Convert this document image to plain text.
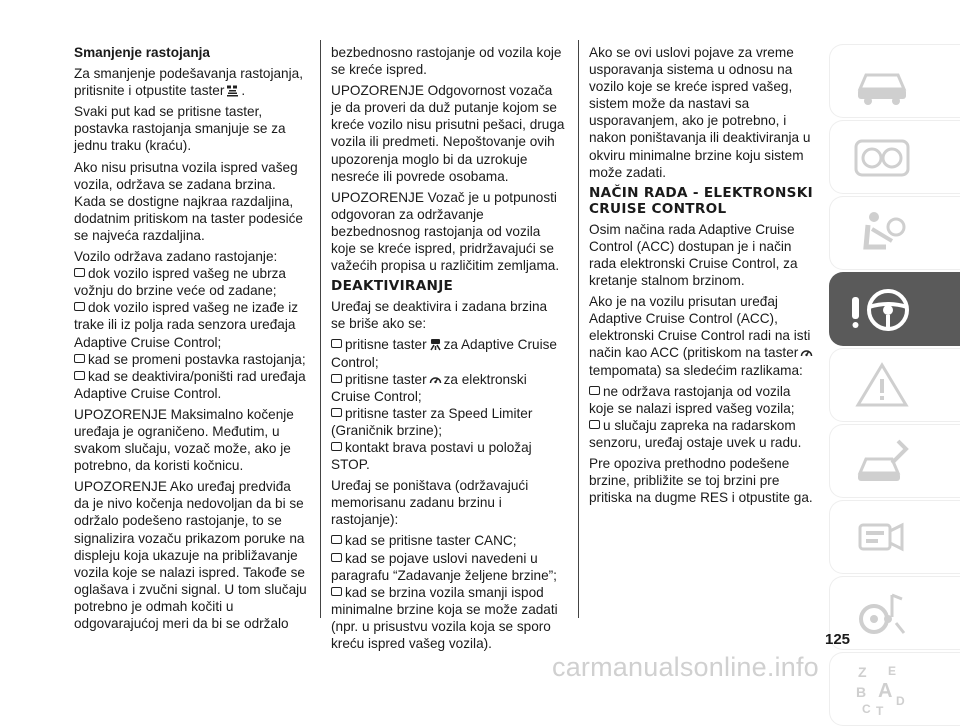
Smanjenje rastojanja

Za smanjenje podešavanja rastojanja, pritisnite i otpustite taster .

Svaki put kad se pritisne taster, postavka rastojanja smanjuje se za jednu traku (kraću).

Ako nisu prisutna vozila ispred vašeg vozila, održava se zadana brzina. Kada se dostigne najkraa razdaljina, dodatnim pritiskom na taster podesiće se najveća razdaljina.

Vozilo održava zadano rastojanje:

dok vozilo ispred vašeg ne ubrza vožnju do brzine veće od zadane;

dok vozilo ispred vašeg ne izađe iz trake ili iz polja rada senzora uređaja Adaptive Cruise Control;

kad se promeni postavka rastojanja;

kad se deaktivira/poništi rad uređaja Adaptive Cruise Control.

UPOZORENJE Maksimalno kočenje uređaja je ograničeno. Međutim, u svakom slučaju, vozač može, ako je potrebno, da koristi kočnicu.

UPOZORENJE Ako uređaj predviđa da je nivo kočenja nedovoljan da bi se održalo podešeno rastojanje, to se signalizira vozaču prikazom poruke na displeju koja ukazuje na približavanje vozila koje se nalazi ispred. Takođe se oglašava i zvučni signal. U tom slučaju potrebno je odmah kočiti u odgovarajućoj meri da bi se održalo

bezbednosno rastojanje od vozila koje se kreće ispred.

UPOZORENJE Odgovornost vozača je da proveri da duž putanje kojom se kreće vozilo nisu prisutni pešaci, druga vozila ili predmeti. Nepoštovanje ovih upozorenja moglo bi da uzrokuje nesreće ili povrede osobama.

UPOZORENJE Vozač je u potpunosti odgovoran za održavanje bezbednosnog rastojanja od vozila koje se kreće ispred, pridržavajući se važećih propisa u različitim zemljama.

DEAKTIVIRANJE

Uređaj se deaktivira i zadana brzina se briše ako se:

pritisne taster za Adaptive Cruise Control;

pritisne taster za elektronski Cruise Control;

pritisne taster za Speed Limiter (Graničnik brzine);

kontakt brava postavi u položaj STOP.

Uređaj se poništava (održavajući memorisanu zadanu brzinu i rastojanje):

kad se pritisne taster CANC;

kad se pojave uslovi navedeni u paragrafu “Zadavanje željene brzine”;

kad se brzina vozila smanji ispod minimalne brzine koja se može zadati (npr. u prisustvu vozila koja se sporo kreću ispred vašeg vozila).

Ako se ovi uslovi pojave za vreme usporavanja sistema u odnosu na vozilo koje se kreće ispred vašeg, sistem može da nastavi sa usporavanjem, ako je potrebno, i nakon poništavanja ili deaktiviranja u okviru minimalne brzine koju sistem može zadati.

NAČIN RADA - ELEKTRONSKI CRUISE CONTROL

Osim načina rada Adaptive Cruise Control (ACC) dostupan je i način rada elektronski Cruise Control, za kretanje stalnom brzinom.

Ako je na vozilu prisutan uređaj Adaptive Cruise Control (ACC), elektronski Cruise Control radi na isti način kao ACC (pritiskom na taster
tempomata) sa sledećim razlikama:

ne održava rastojanja od vozila koje se nalazi ispred vašeg vozila;

u slučaju zapreka na radarskom senzoru, uređaj ostaje uvek u radu.

Pre opoziva prethodno podešene brzine, približite se toj brzini pre pritiska na dugme RES i otpustite ga.

Z E
B A
C T
D
125
carmanualsonline.info
